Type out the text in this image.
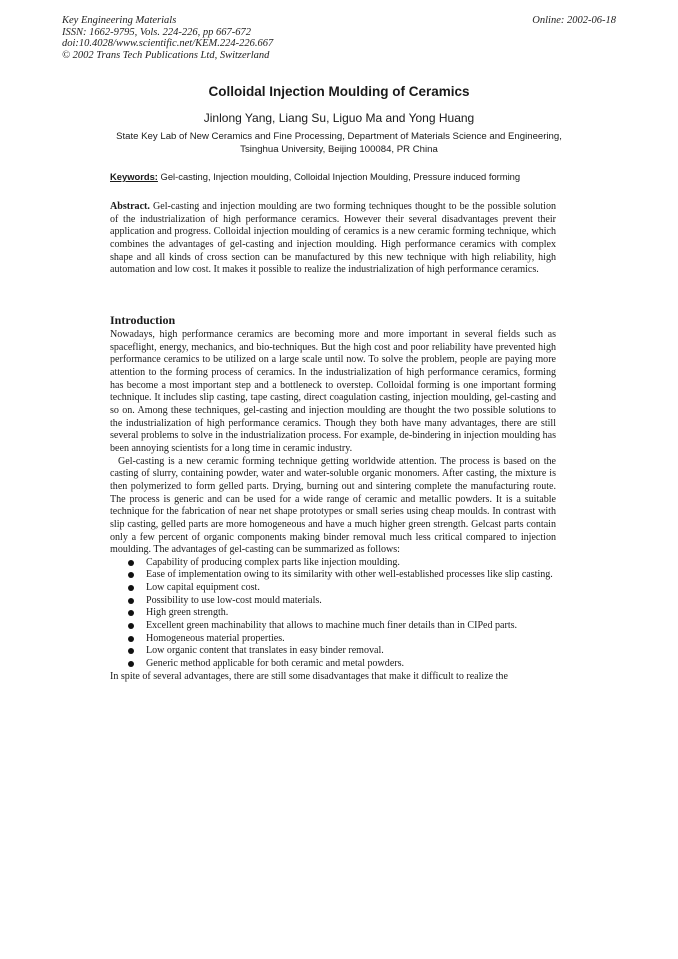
Key Engineering Materials
ISSN: 1662-9795, Vols. 224-226, pp 667-672
doi:10.4028/www.scientific.net/KEM.224-226.667
© 2002 Trans Tech Publications Ltd, Switzerland
Online: 2002-06-18
Colloidal Injection Moulding of Ceramics
Jinlong Yang, Liang Su, Liguo Ma and Yong Huang
State Key Lab of New Ceramics and Fine Processing, Department of Materials Science and Engineering, Tsinghua University, Beijing 100084, PR China
Keywords: Gel-casting, Injection moulding, Colloidal Injection Moulding, Pressure induced forming
Abstract. Gel-casting and injection moulding are two forming techniques thought to be the possible solution of the industrialization of high performance ceramics. However their several disadvantages prevent their application and progress. Colloidal injection moulding of ceramics is a new ceramic forming technique, which combines the advantages of gel-casting and injection moulding. High performance ceramics with complex shape and all kinds of cross section can be manufactured by this new technique with high reliability, high automation and low cost. It makes it possible to realize the industrialization of high performance ceramics.
Introduction

Nowadays, high performance ceramics are becoming more and more important in several fields such as spaceflight, energy, mechanics, and bio-techniques. But the high cost and poor reliability have prevented high performance ceramics to be utilized on a large scale until now. To solve the problem, people are paying more attention to the forming process of ceramics. In the industrialization of high performance ceramics, forming has become a most important step and a bottleneck to overstep. Colloidal forming is one important forming technique. It includes slip casting, tape casting, direct coagulation casting, injection moulding, gel-casting and so on. Among these techniques, gel-casting and injection moulding are thought the two possible solutions to the industrialization of high performance ceramics. Though they both have many advantages, there are still several problems to solve in the industrialization process. For example, de-bindering in injection moulding has been annoying scientists for a long time in ceramic industry.

Gel-casting is a new ceramic forming technique getting worldwide attention. The process is based on the casting of slurry, containing powder, water and water-soluble organic monomers. After casting, the mixture is then polymerized to form gelled parts. Drying, burning out and sintering complete the manufacturing route. The process is generic and can be used for a wide range of ceramic and metallic powders. It is a suitable technique for the fabrication of near net shape prototypes or small series using cheap moulds. In contrast with slip casting, gelled parts are more homogeneous and have a much higher green strength. Gelcast parts contain only a few percent of organic components making binder removal much less critical compared to injection moulding. The advantages of gel-casting can be summarized as follows:

Capability of producing complex parts like injection moulding.
Ease of implementation owing to its similarity with other well-established processes like slip casting.
Low capital equipment cost.
Possibility to use low-cost mould materials.
High green strength.
Excellent green machinability that allows to machine much finer details than in CIPed parts.
Homogeneous material properties.
Low organic content that translates in easy binder removal.
Generic method applicable for both ceramic and metal powders.

In spite of several advantages, there are still some disadvantages that make it difficult to realize the
